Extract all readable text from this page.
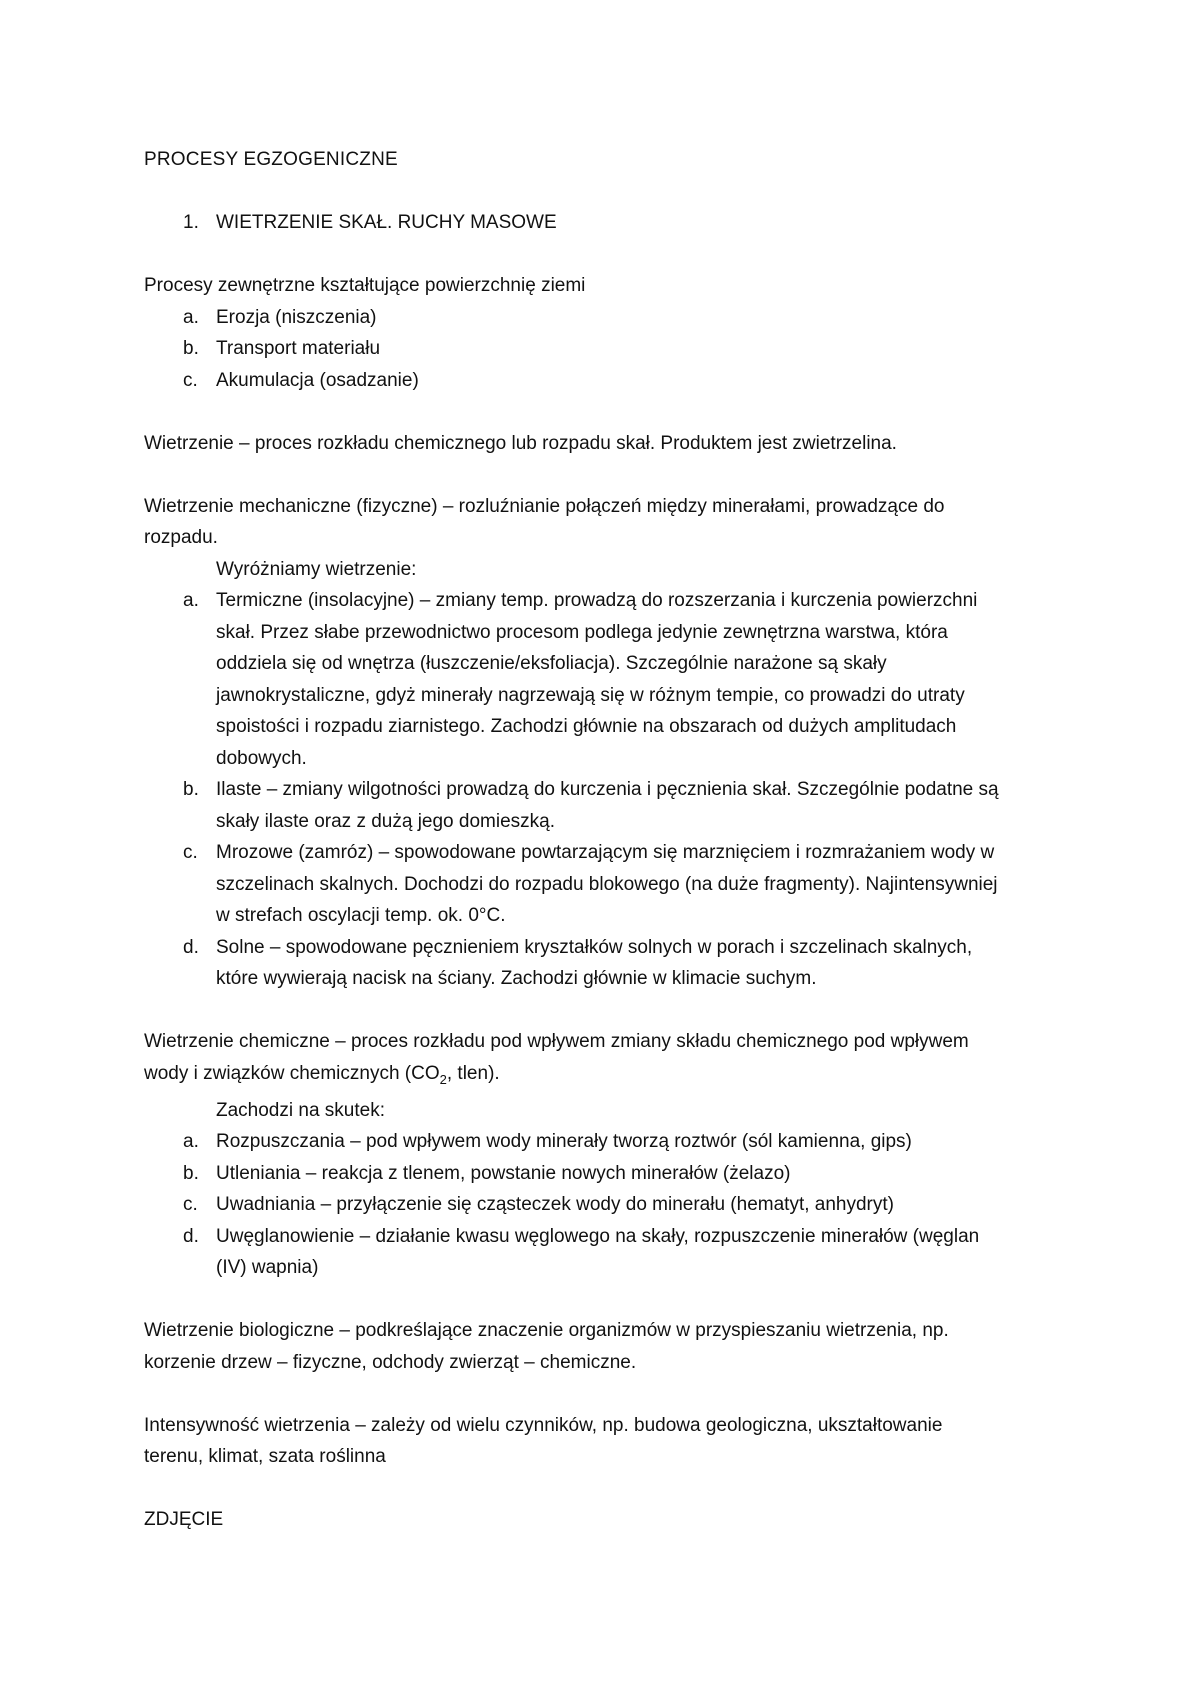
PROCESY EGZOGENICZNE

1. WIETRZENIE SKAŁ. RUCHY MASOWE

Procesy zewnętrzne kształtujące powierzchnię ziemi

a. Erozja (niszczenia)
b. Transport materiału
c. Akumulacja (osadzanie)

Wietrzenie – proces rozkładu chemicznego lub rozpadu skał. Produktem jest zwietrzelina.

Wietrzenie mechaniczne (fizyczne) – rozluźnianie połączeń między minerałami, prowadzące do

rozpadu.

Wyróżniamy wietrzenie:

a. Termiczne (insolacyjne) – zmiany temp. prowadzą do rozszerzania i kurczenia powierzchni
skał. Przez słabe przewodnictwo procesom podlega jedynie zewnętrzna warstwa, która
oddziela się od wnętrza (łuszczenie/eksfoliacja). Szczególnie narażone są skały
jawnokrystaliczne, gdyż minerały nagrzewają się w różnym tempie, co prowadzi do utraty
spoistości i rozpadu ziarnistego. Zachodzi głównie na obszarach od dużych amplitudach
dobowych.
b. Ilaste – zmiany wilgotności prowadzą do kurczenia i pęcznienia skał. Szczególnie podatne są
skały ilaste oraz z dużą jego domieszką.
c. Mrozowe (zamróz) – spowodowane powtarzającym się marznięciem i rozmrażaniem wody w
szczelinach skalnych. Dochodzi do rozpadu blokowego (na duże fragmenty). Najintensywniej
w strefach oscylacji temp. ok. 0°C.
d. Solne – spowodowane pęcznieniem kryształków solnych w porach i szczelinach skalnych,
które wywierają nacisk na ściany. Zachodzi głównie w klimacie suchym.

Wietrzenie chemiczne – proces rozkładu pod wpływem zmiany składu chemicznego pod wpływem

wody i związków chemicznych ($CO_2$, tlen).

Zachodzi na skutek:

a. Rozpuszczania – pod wpływem wody minerały tworzą roztwór (sól kamienna, gips)
b. Utleniania – reakcja z tlenem, powstanie nowych minerałów (żelazo)
c. Uwadniania – przyłączenie się cząsteczek wody do minerału (hematyt, anhydryt)
d. Uwęglanowienie – działanie kwasu węglowego na skały, rozpuszczenie minerałów (węglan
(IV) wapnia)

Wietrzenie biologiczne – podkreślające znaczenie organizmów w przyspieszaniu wietrzenia, np.

korzenie drzew – fizyczne, odchody zwierząt – chemiczne.

Intensywność wietrzenia – zależy od wielu czynników, np. budowa geologiczna, ukształtowanie

terenu, klimat, szata roślinna

ZDJĘCIE
